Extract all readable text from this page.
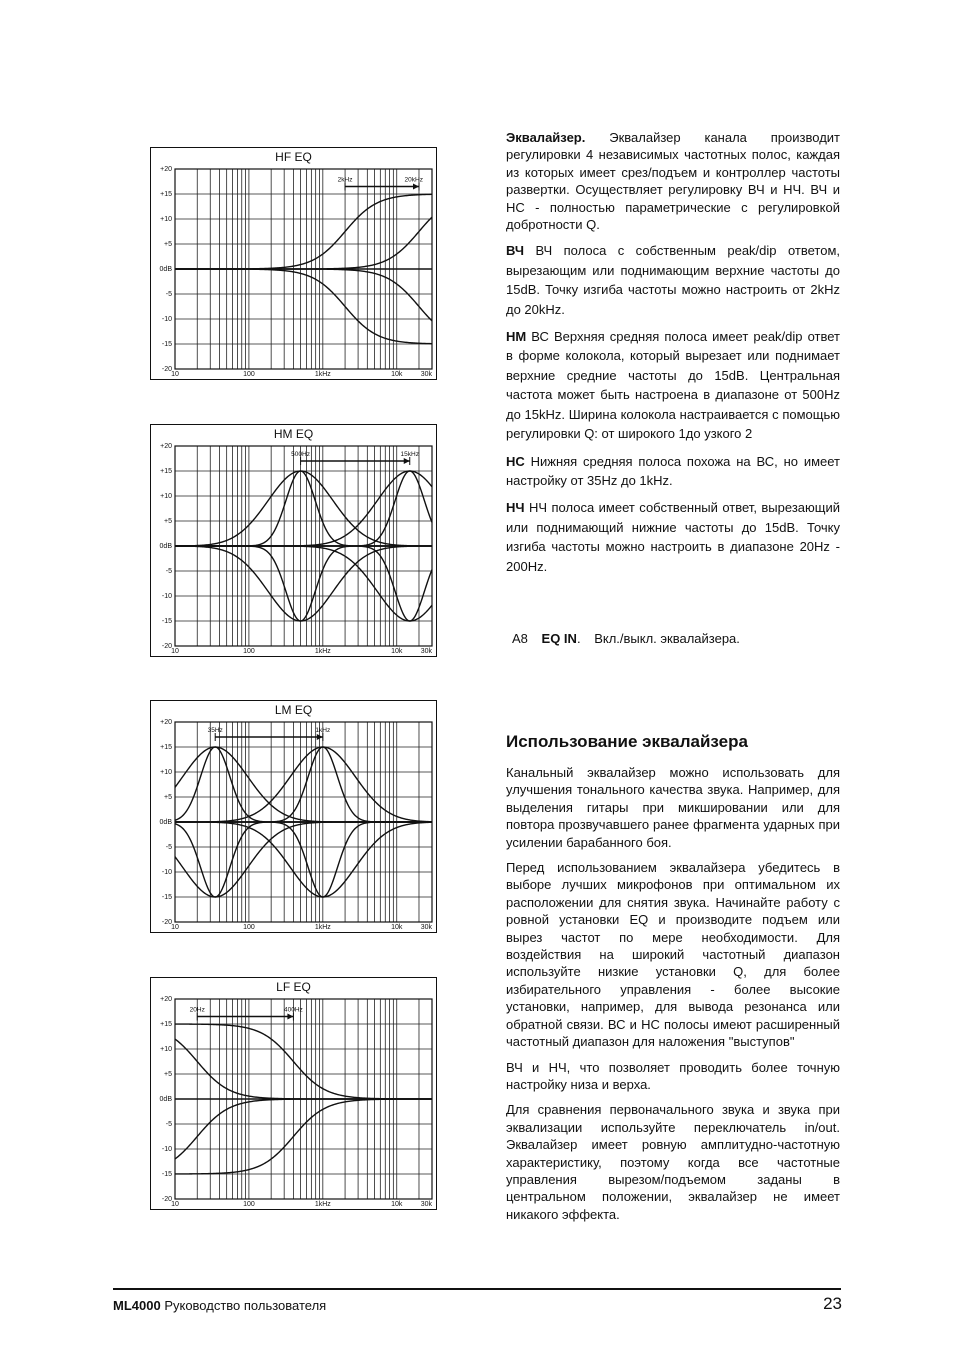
HF EQ
+20
+15
+10
+5
0dB
-5
-10
-15
-20
10	100	1kHz	10k	30k
2kHz	20kHz
HM EQ
+20
+15
+10
+5
0dB
-5
-10
-15
-20
10	100	1kHz	10k	30k
500Hz	15kHz
LM EQ
+20
+15
+10
+5
0dB
-5
-10
-15
-20
10	100	1kHz	10k	30k
35Hz	1kHz
LF EQ
+20
+15
+10
+5
0dB
-5
-10
-15
-20
10	100	1kHz	10k	30k
20Hz	400Hz

Эквалайзер. Эквалайзер канала производит регулировки 4 независимых частотных полос, каждая из которых имеет срез/подъем и контроллер частоты развертки. Осуществляет регулировку ВЧ и НЧ. ВЧ и НС - полностью параметрические с регулировкой добротности Q.

ВЧ ВЧ полоса с собственным peak/dip ответом, вырезающим или поднимающим верхние частоты до 15dB. Точку изгиба частоты можно настроить от 2kHz до 20kHz.

НМ ВС Верхняя средняя полоса имеет peak/dip ответ в форме колокола, который вырезает или поднимает верхние средние частоты до 15dB. Центральная частота может быть настроена в диапазоне от 500Hz до 15kHz. Ширина колокола настраивается с помощью регулировки Q: от широкого 1до узкого 2

НС Нижняя средняя полоса похожа на ВС, но имеет настройку от 35Hz до 1kHz.

НЧ НЧ полоса имеет собственный ответ, вырезающий или поднимающий нижние частоты до 15dB. Точку изгиба частоты можно настроить в диапазоне 20Hz - 200Hz.

A8 EQ IN. Вкл./выкл. эквалайзера.
Использование эквалайзера

Канальный эквалайзер можно использовать для улучшения тонального качества звука. Например, для выделения гитары при микшировании или для повтора прозвучавшего ранее фрагмента ударных при усилении барабанного боя.

Перед использованием эквалайзера убедитесь в выборе лучших микрофонов при оптимальном их расположении для снятия звука. Начинайте работу с ровной установки EQ и производите подъем или вырез частот по мере необходимости. Для воздействия на широкий частотный диапазон используйте низкие установки Q, для более избирательного управления - более высокие установки, например, для вывода резонанса или обратной связи. ВС и НС полосы имеют расширенный частотный диапазон для наложения "выступов"

ВЧ и НЧ, что позволяет проводить более точную настройку низа и верха.

Для сравнения первоначального звука и звука при эквализации используйте переключатель in/out. Эквалайзер имеет ровную амплитудно-частотную характеристику, поэтому когда все частотные управления вырезом/подъемом заданы в центральном положении, эквалайзер не имеет никакого эффекта.

ML4000 Руководство пользователя	23
